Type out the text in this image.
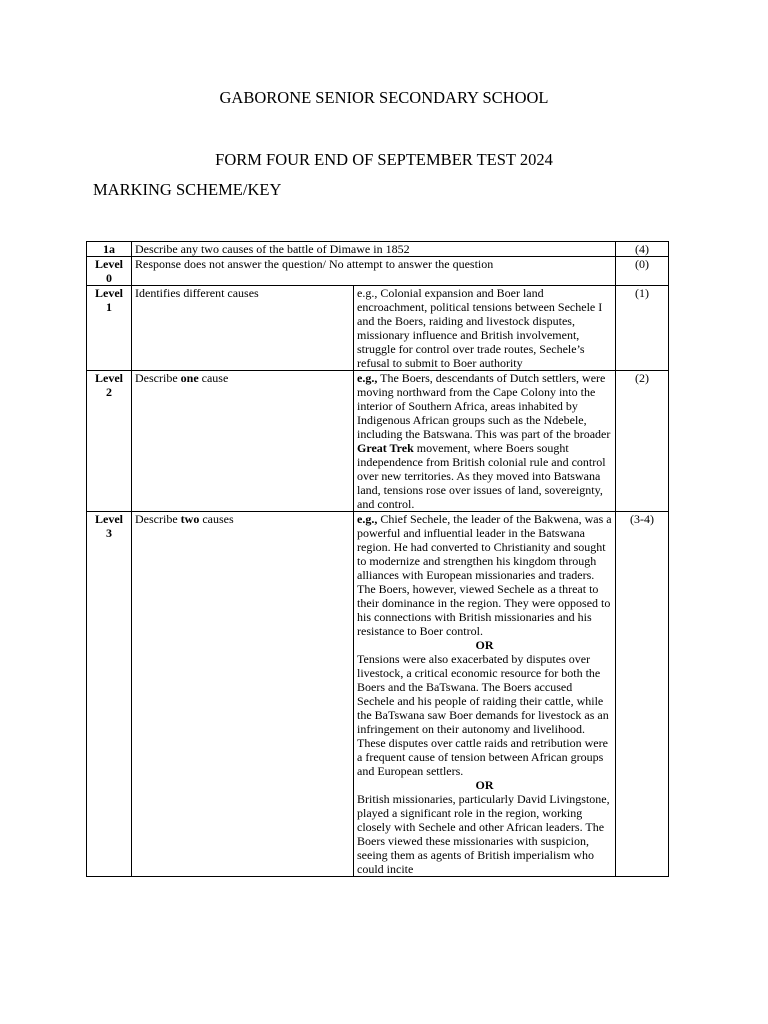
GABORONE SENIOR SECONDARY SCHOOL
FORM FOUR END OF SEPTEMBER TEST 2024
MARKING SCHEME/KEY
1a	Describe any two causes of the battle of Dimawe in 1852		(4)
Level
0	Response does not answer the question/ No attempt to answer the question		(0)
Level
1	Identifies different causes	e.g., Colonial expansion and Boer land encroachment, political tensions between Sechele I and the Boers, raiding and livestock disputes, missionary influence and British involvement, struggle for control over trade routes, Sechele’s refusal to submit to Boer authority	(1)
Level
2	Describe one cause	e.g., The Boers, descendants of Dutch settlers, were moving northward from the Cape Colony into the interior of Southern Africa, areas inhabited by Indigenous African groups such as the Ndebele, including the Batswana. This was part of the broader Great Trek movement, where Boers sought independence from British colonial rule and control over new territories. As they moved into Batswana land, tensions rose over issues of land, sovereignty, and control.	(2)
Level
3	Describe two causes	e.g., Chief Sechele, the leader of the Bakwena, was a powerful and influential leader in the Batswana region. He had converted to Christianity and sought to modernize and strengthen his kingdom through alliances with European missionaries and traders. The Boers, however, viewed Sechele as a threat to their dominance in the region. They were opposed to his connections with British missionaries and his resistance to Boer control.
OR
Tensions were also exacerbated by disputes over livestock, a critical economic resource for both the Boers and the BaTswana. The Boers accused Sechele and his people of raiding their cattle, while the BaTswana saw Boer demands for livestock as an infringement on their autonomy and livelihood. These disputes over cattle raids and retribution were a frequent cause of tension between African groups and European settlers.
OR
British missionaries, particularly David Livingstone, played a significant role in the region, working closely with Sechele and other African leaders. The Boers viewed these missionaries with suspicion, seeing them as agents of British imperialism who could incite	(3-4)
